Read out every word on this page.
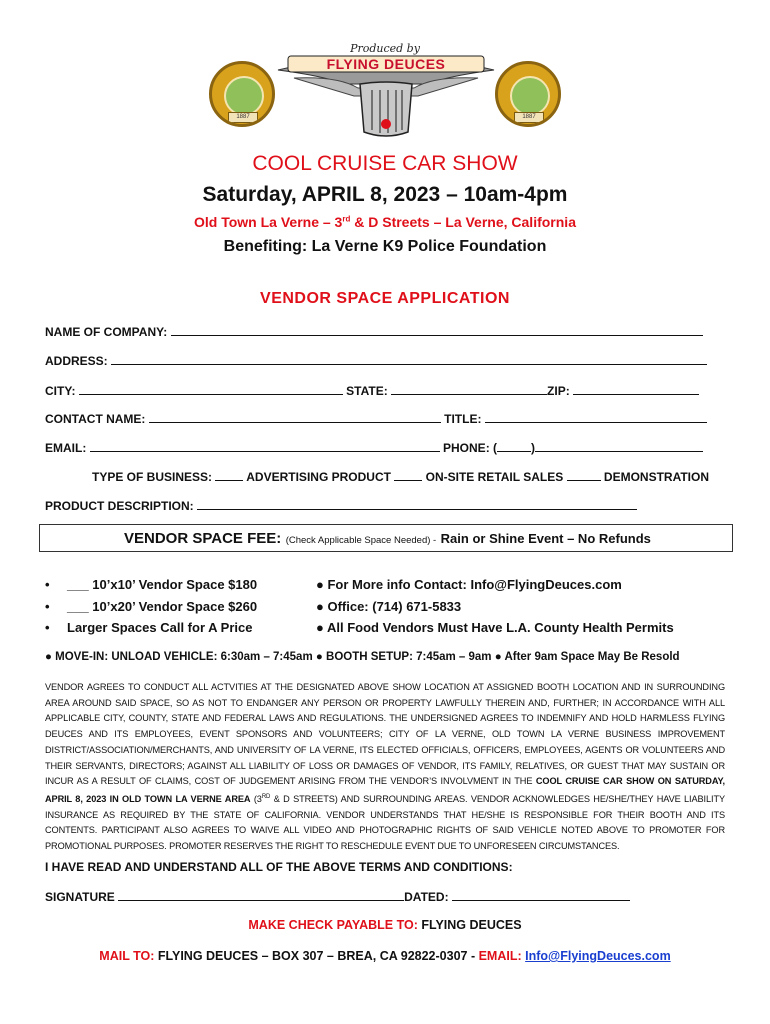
1887	1887
Produced by
FLYING DEUCES
COOL CRUISE CAR SHOW
Saturday, APRIL 8, 2023 – 10am-4pm
Old Town La Verne – 3rd & D Streets – La Verne, California
Benefiting: La Verne K9 Police Foundation
VENDOR SPACE APPLICATION
NAME OF COMPANY:
ADDRESS:
CITY:	STATE:	ZIP:
CONTACT NAME:	TITLE:
EMAIL:	PHONE: (	)
TYPE OF BUSINESS:	ADVERTISING PRODUCT	ON-SITE RETAIL SALES	DEMONSTRATION
PRODUCT DESCRIPTION:
VENDOR SPACE FEE: (Check Applicable Space Needed) - Rain or Shine Event – No Refunds
• ___ 10’x10’ Vendor Space $180
• ___ 10’x20’ Vendor Space $260
• Larger Spaces Call for A Price
● For More info Contact: Info@FlyingDeuces.com
● Office: (714) 671-5833
● All Food Vendors Must Have L.A. County Health Permits
● MOVE-IN: UNLOAD VEHICLE: 6:30am – 7:45am ● BOOTH SETUP: 7:45am – 9am ● After 9am Space May Be Resold
VENDOR AGREES TO CONDUCT ALL ACTVITIES AT THE DESIGNATED ABOVE SHOW LOCATION AT ASSIGNED BOOTH LOCATION AND IN SURROUNDING AREA AROUND SAID SPACE, SO AS NOT TO ENDANGER ANY PERSON OR PROPERTY LAWFULLY THEREIN AND, FURTHER; IN ACCORDANCE WITH ALL APPLICABLE CITY, COUNTY, STATE AND FEDERAL LAWS AND REGULATIONS. THE UNDERSIGNED AGREES TO INDEMNIFY AND HOLD HARMLESS FLYING DEUCES AND ITS EMPLOYEES, EVENT SPONSORS AND VOLUNTEERS; CITY OF LA VERNE, OLD TOWN LA VERNE BUSINESS IMPROVEMENT DISTRICT/ASSOCIATION/MERCHANTS, AND UNIVERSITY OF LA VERNE, ITS ELECTED OFFICIALS, OFFICERS, EMPLOYEES, AGENTS OR VOLUNTEERS AND THEIR SERVANTS, DIRECTORS; AGAINST ALL LIABILITY OF LOSS OR DAMAGES OF VENDOR, ITS FAMILY, RELATIVES, OR GUEST THAT MAY SUSTAIN OR INCUR AS A RESULT OF CLAIMS, COST OF JUDGEMENT ARISING FROM THE VENDOR’S INVOLVMENT IN THE COOL CRUISE CAR SHOW ON SATURDAY, APRIL 8, 2023 IN OLD TOWN LA VERNE AREA (3RD & D STREETS) AND SURROUNDING AREAS. VENDOR ACKNOWLEDGES HE/SHE/THEY HAVE LIABILITY INSURANCE AS REQUIRED BY THE STATE OF CALIFORNIA. VENDOR UNDERSTANDS THAT HE/SHE IS RESPONSIBLE FOR THEIR BOOTH AND ITS CONTENTS. PARTICIPANT ALSO AGREES TO WAIVE ALL VIDEO AND PHOTOGRAPHIC RIGHTS OF SAID VEHICLE NOTED ABOVE TO PROMOTER FOR PROMOTIONAL PURPOSES. PROMOTER RESERVES THE RIGHT TO RESCHEDULE EVENT DUE TO UNFORESEEN CIRCUMSTANCES.
I HAVE READ AND UNDERSTAND ALL OF THE ABOVE TERMS AND CONDITIONS:
SIGNATURE	DATED:
MAKE CHECK PAYABLE TO: FLYING DEUCES
MAIL TO: FLYING DEUCES – BOX 307 – BREA, CA 92822-0307 - EMAIL: Info@FlyingDeuces.com
